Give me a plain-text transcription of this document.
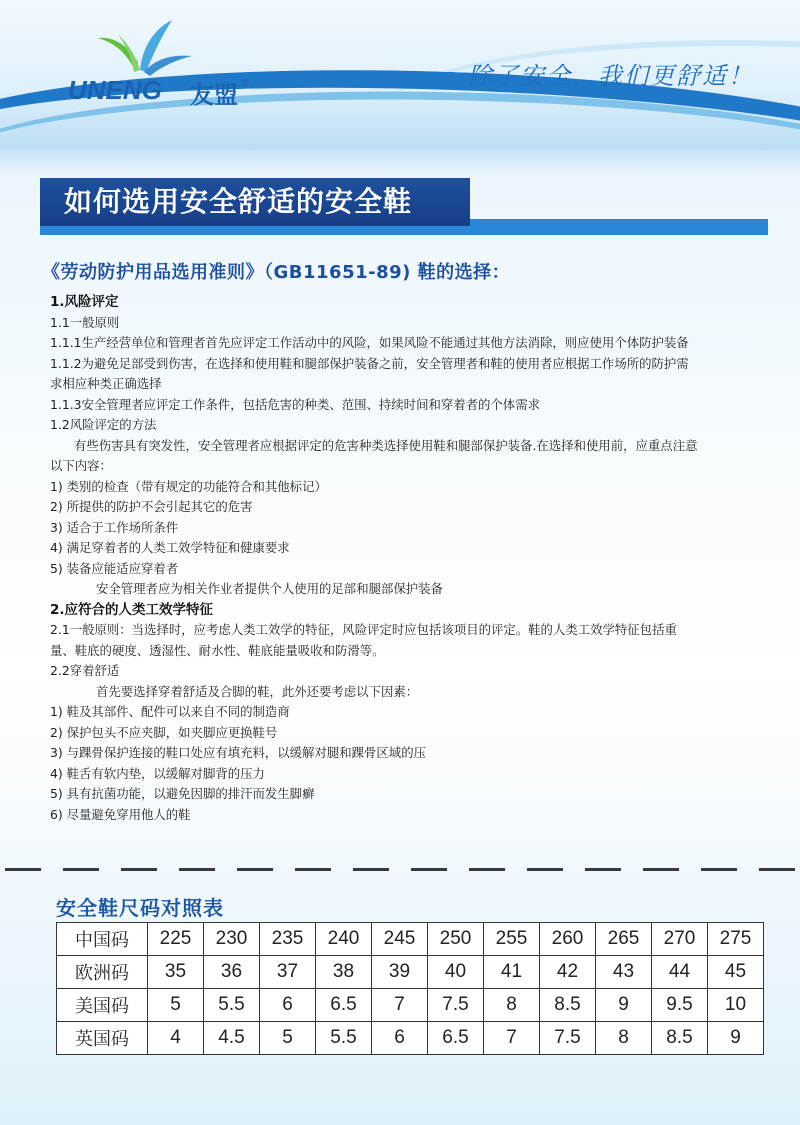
UNENG 友盟 ®	除了安全，我们更舒适！
如何选用安全舒适的安全鞋
《劳动防护用品选用准则》（GB11651-89) 鞋的选择：
1.风险评定
1.1一般原则
1.1.1生产经营单位和管理者首先应评定工作活动中的风险，如果风险不能通过其他方法消除，则应使用个体防护装备
1.1.2为避免足部受到伤害，在选择和使用鞋和腿部保护装备之前，安全管理者和鞋的使用者应根据工作场所的防护需
求相应种类正确选择
1.1.3安全管理者应评定工作条件，包括危害的种类、范围、持续时间和穿着者的个体需求
1.2风险评定的方法
有些伤害具有突发性，安全管理者应根据评定的危害种类选择使用鞋和腿部保护装备.在选择和使用前，应重点注意
以下内容：
1) 类别的检查（带有规定的功能符合和其他标记）
2) 所提供的防护不会引起其它的危害
3) 适合于工作场所条件
4) 满足穿着者的人类工效学特征和健康要求
5) 装备应能适应穿着者
安全管理者应为相关作业者提供个人使用的足部和腿部保护装备
2.应符合的人类工效学特征
2.1一般原则：当选择时，应考虑人类工效学的特征，风险评定时应包括该项目的评定。鞋的人类工效学特征包括重
量、鞋底的硬度、透湿性、耐水性、鞋底能量吸收和防滑等。
2.2穿着舒适
首先要选择穿着舒适及合脚的鞋，此外还要考虑以下因素：
1) 鞋及其部件、配件可以来自不同的制造商
2) 保护包头不应夹脚，如夹脚应更换鞋号
3) 与踝骨保护连接的鞋口处应有填充料，以缓解对腿和踝骨区域的压
4) 鞋舌有软内垫，以缓解对脚背的压力
5) 具有抗菌功能，以避免因脚的排汗而发生脚癣
6) 尽量避免穿用他人的鞋
安全鞋尺码对照表
中国码	225	230	235	240	245	250	255	260	265	270	275
欧洲码	35	36	37	38	39	40	41	42	43	44	45
美国码	5	5.5	6	6.5	7	7.5	8	8.5	9	9.5	10
英国码	4	4.5	5	5.5	6	6.5	7	7.5	8	8.5	9
